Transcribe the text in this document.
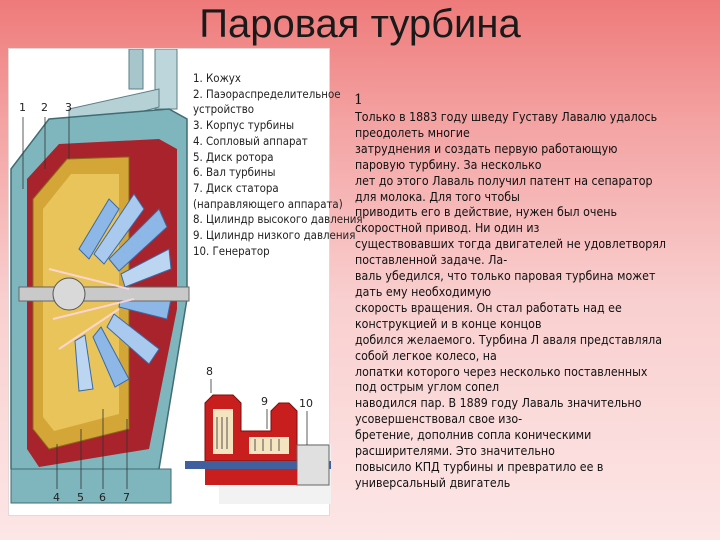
Паровая турбина
1 2 3
4 5 6 7
8
9	10
1. Кожух
2. Паэораспределительное
устройство
3. Корпус турбины
4. Сопловый аппарат
5. Диск ротора
6. Вал турбины
7. Диск статора
(направляющего аппарата)
8. Цилиндр высокого давления
9. Цилиндр низкого давления
10. Генератор
1
Только в 1883 году шведу Густаву Лавалю удалось
преодолеть многие
затруднения и создать первую работающую
паровую турбину. За несколько
лет до этого Лаваль получил патент на сепаратор
для молока. Для того чтобы
приводить его в действие, нужен был очень
скоростной привод. Ни один из
существовавших тогда двигателей не удовлетворял
поставленной задаче. Ла-
валь убедился, что только паровая турбина может
дать ему необходимую
скорость вращения. Он стал работать над ее
конструкцией и в конце концов
добился желаемого. Турбина Л аваля представляла
собой легкое колесо, на
лопатки которого через несколько поставленных
под острым углом сопел
наводился пар. В 1889 году Лаваль значительно
усовершенствовал свое изо-
бретение, дополнив сопла коническими
расширителями. Это значительно
повысило КПД турбины и превратило ее в
универсальный двигатель
